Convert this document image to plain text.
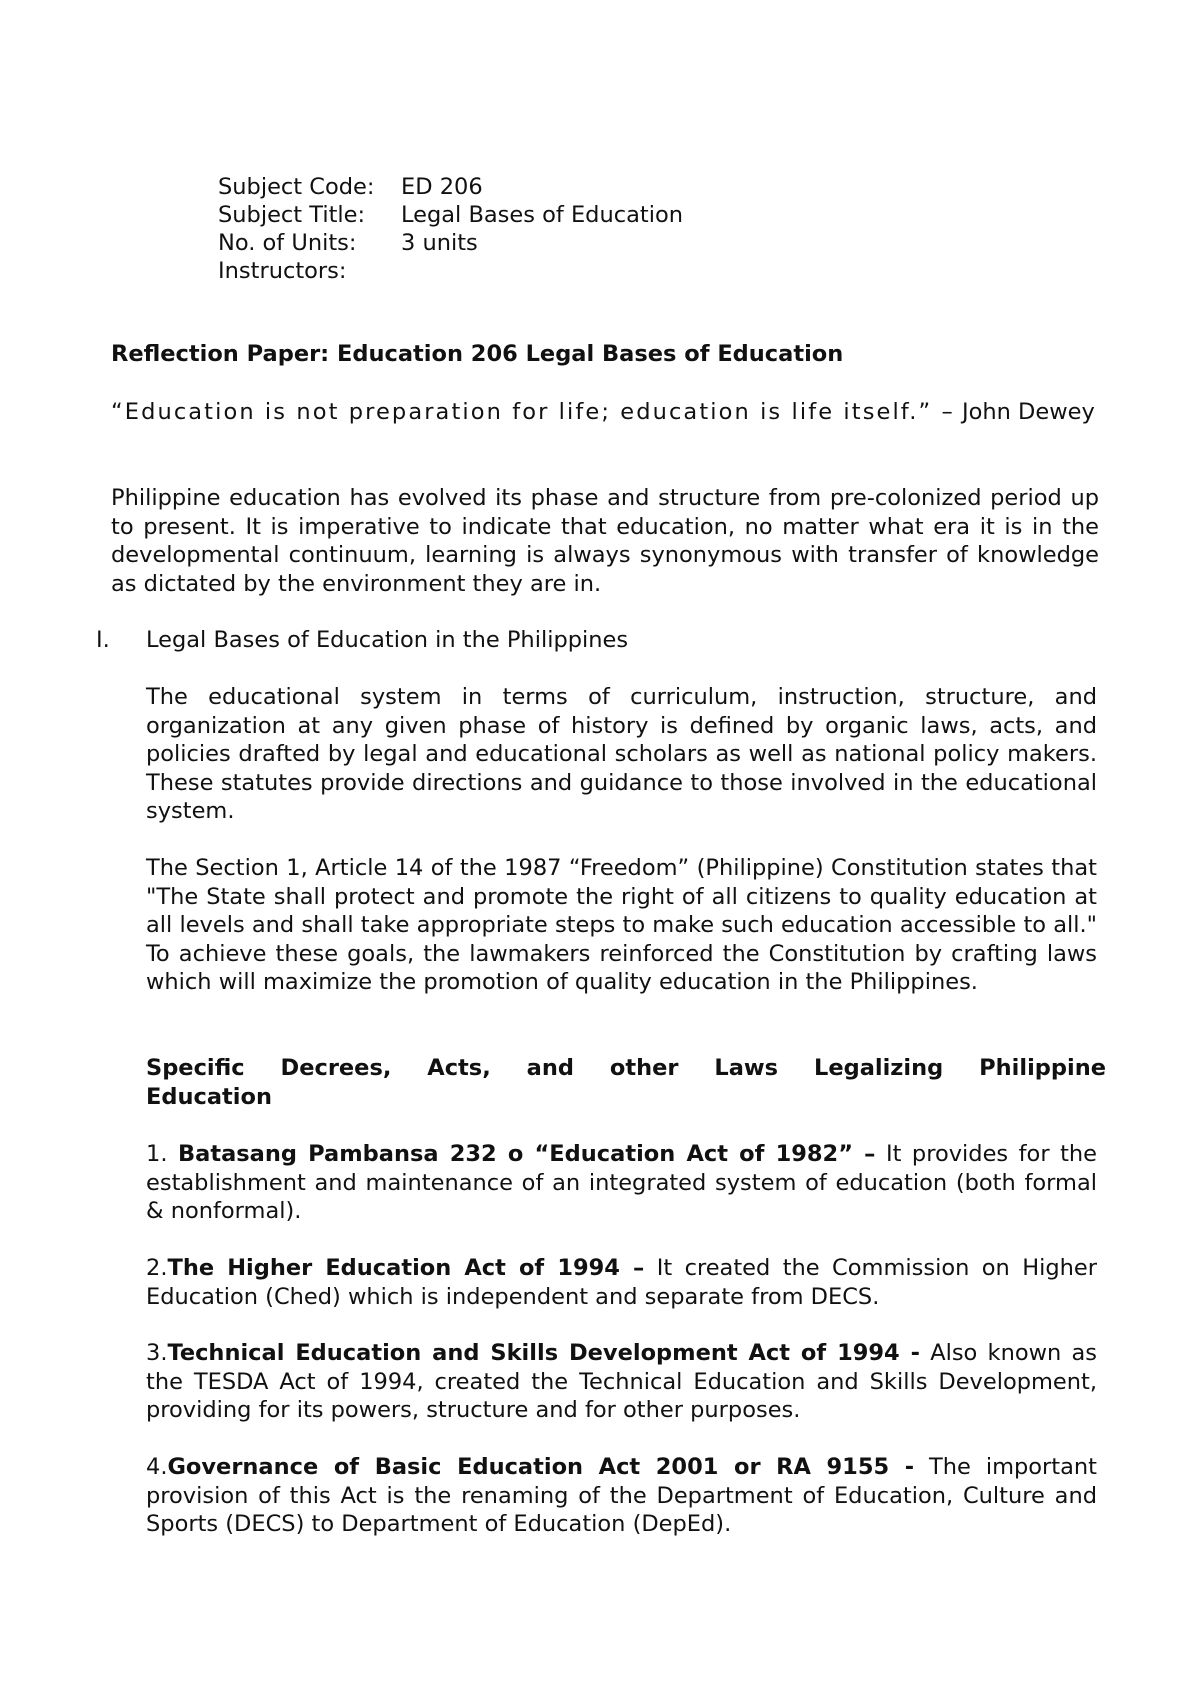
Subject Code:	ED 206
Subject Title:	Legal Bases of Education
No. of Units:	3 units
Instructors:
Reflection Paper: Education 206 Legal Bases of Education
“Education is not preparation for life; education is life itself.” – John Dewey
Philippine education has evolved its phase and structure from pre-colonized period up to present. It is imperative to indicate that education, no matter what era it is in the developmental continuum, learning is always synonymous with transfer of knowledge as dictated by the environment they are in.
I. Legal Bases of Education in the Philippines
The educational system in terms of curriculum, instruction, structure, and organization at any given phase of history is defined by organic laws, acts, and policies drafted by legal and educational scholars as well as national policy makers. These statutes provide directions and guidance to those involved in the educational system.
The Section 1, Article 14 of the 1987 “Freedom” (Philippine) Constitution states that "The State shall protect and promote the right of all citizens to quality education at all levels and shall take appropriate steps to make such education accessible to all." To achieve these goals, the lawmakers reinforced the Constitution by crafting laws which will maximize the promotion of quality education in the Philippines.
Specific Decrees, Acts, and other Laws Legalizing Philippine
Education
1. Batasang Pambansa 232 o “Education Act of 1982” – It provides for the establishment and maintenance of an integrated system of education (both formal & nonformal).
2.The Higher Education Act of 1994 – It created the Commission on Higher Education (Ched) which is independent and separate from DECS.
3.Technical Education and Skills Development Act of 1994 - Also known as the TESDA Act of 1994, created the Technical Education and Skills Development, providing for its powers, structure and for other purposes.
4.Governance of Basic Education Act 2001 or RA 9155 - The important provision of this Act is the renaming of the Department of Education, Culture and Sports (DECS) to Department of Education (DepEd).
